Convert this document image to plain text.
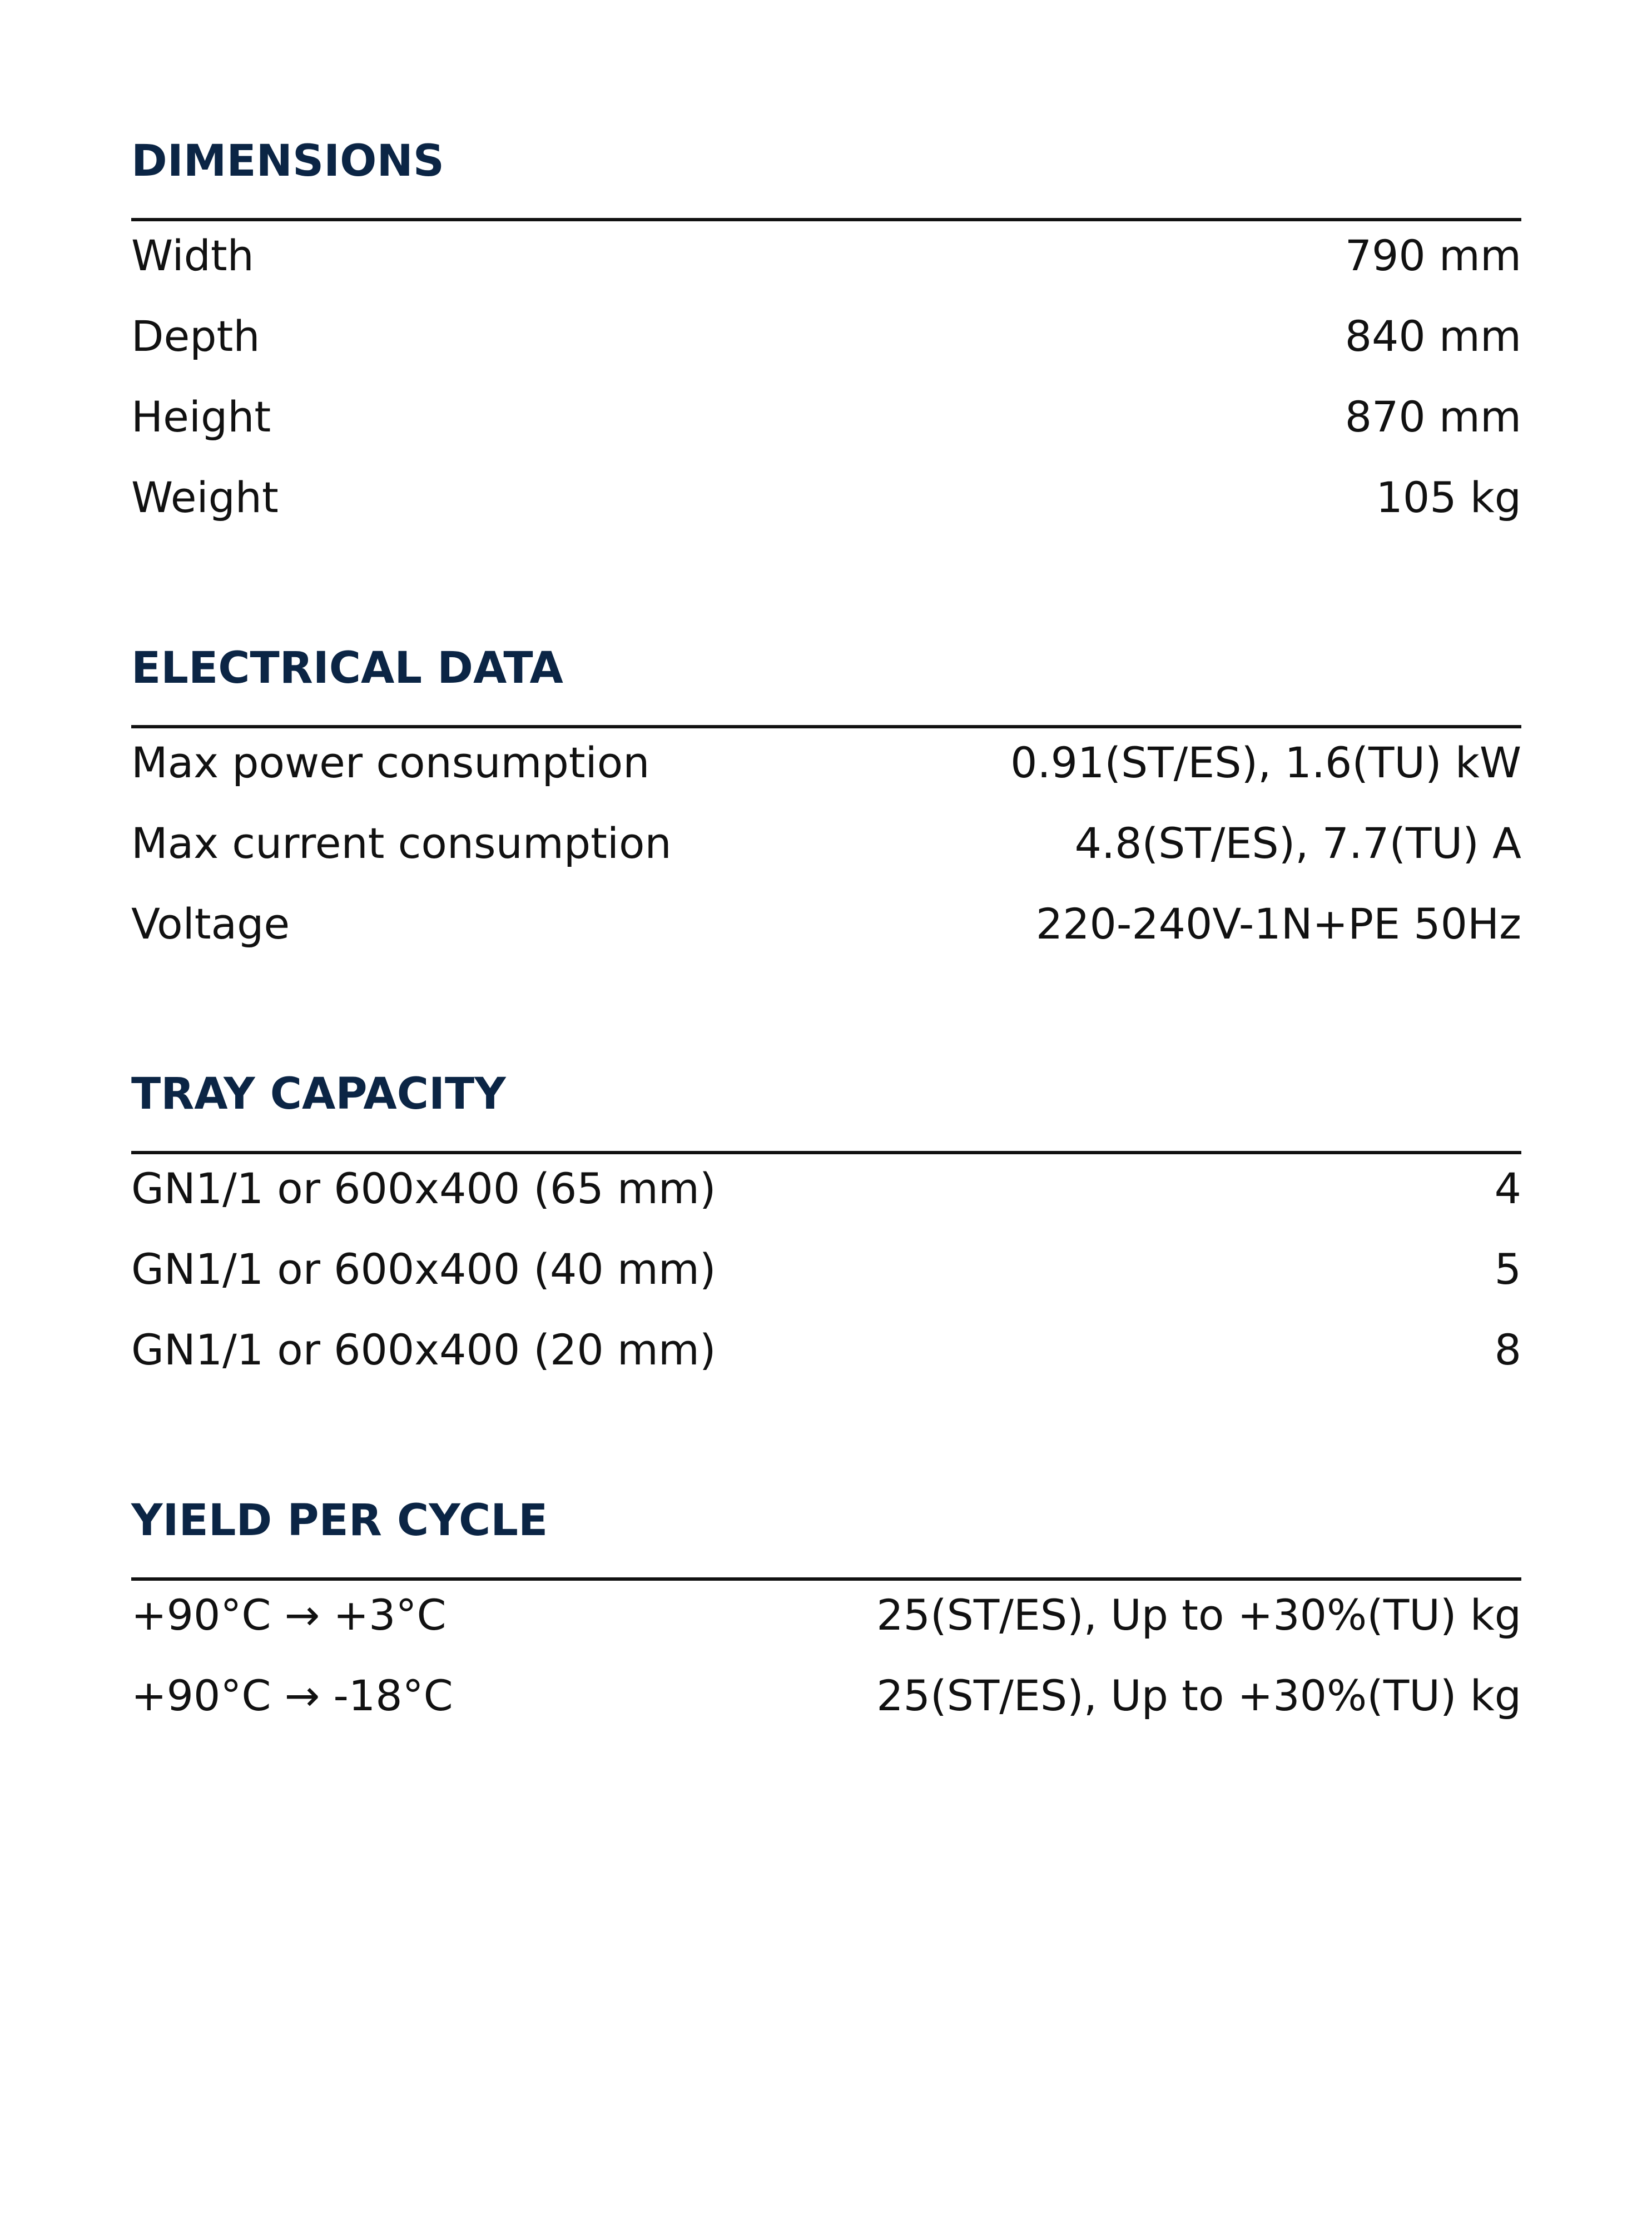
DIMENSIONS
Width	790 mm
Depth	840 mm
Height	870 mm
Weight	105 kg
ELECTRICAL DATA
Max power consumption	0.91(ST/ES), 1.6(TU) kW
Max current consumption	4.8(ST/ES), 7.7(TU) A
Voltage	220-240V-1N+PE 50Hz
TRAY CAPACITY
GN1/1 or 600x400 (65 mm)	4
GN1/1 or 600x400 (40 mm)	5
GN1/1 or 600x400 (20 mm)	8
YIELD PER CYCLE
+90°C → +3°C	25(ST/ES), Up to +30%(TU) kg
+90°C → -18°C	25(ST/ES), Up to +30%(TU) kg
